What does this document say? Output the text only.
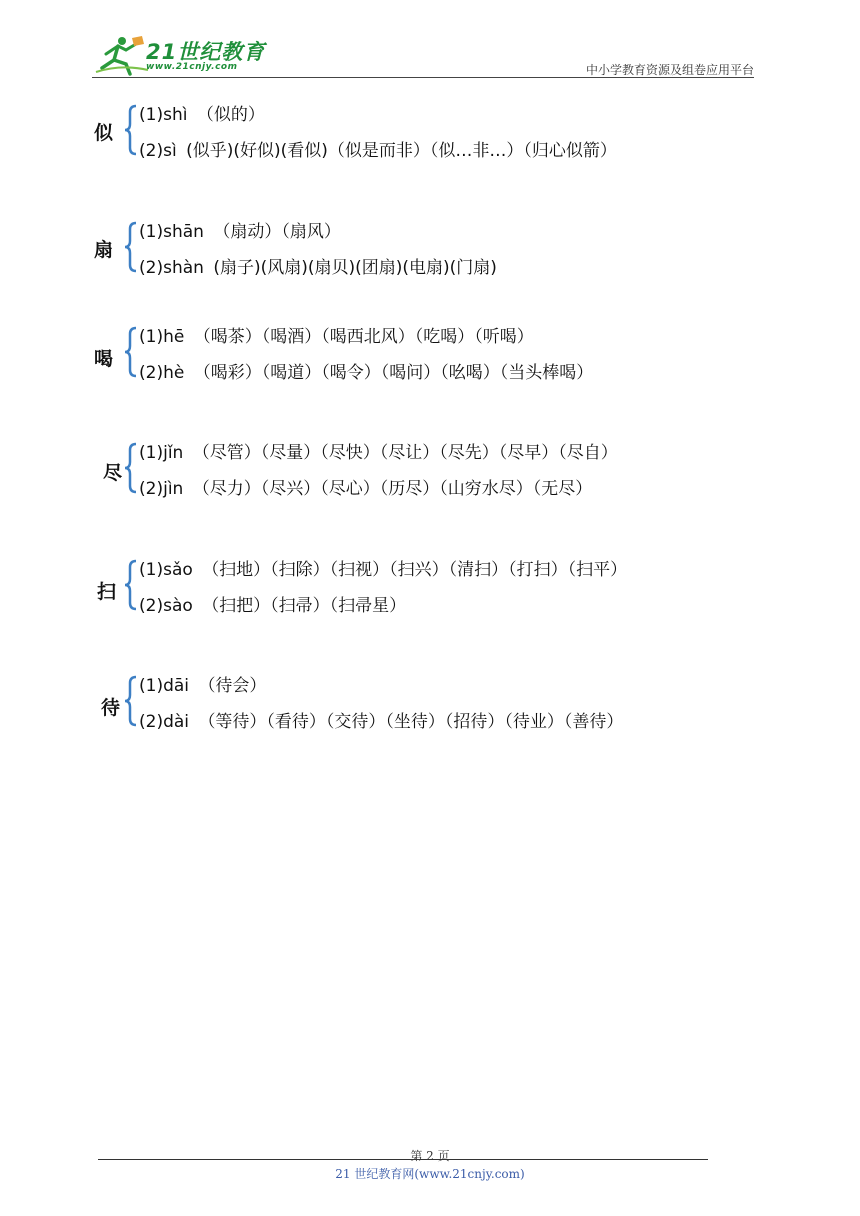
21世纪教育
www.21cnjy.com	中小学教育资源及组卷应用平台
似
(1)shì （似的）
(2)sì (似乎)(好似)(看似)（似是而非）（似…非…）（归心似箭）
扇
(1)shān （扇动）（扇风）
(2)shàn (扇子)(风扇)(扇贝)(团扇)(电扇)(门扇)
喝
(1)hē （喝茶）（喝酒）（喝西北风）（吃喝）（听喝）
(2)hè （喝彩）（喝道）（喝令）（喝问）（吆喝）（当头棒喝）
尽
(1)jǐn （尽管）（尽量）（尽快）（尽让）（尽先）（尽早）（尽自）
(2)jìn （尽力）（尽兴）（尽心）（历尽）（山穷水尽）（无尽）
扫
(1)sǎo （扫地）（扫除）（扫视）（扫兴）（清扫）（打扫）（扫平）
(2)sào （扫把）（扫帚）（扫帚星）
待
(1)dāi （待会）
(2)dài （等待）（看待）（交待）（坐待）（招待）（待业）（善待）
第 2 页
21 世纪教育网(www.21cnjy.com)
